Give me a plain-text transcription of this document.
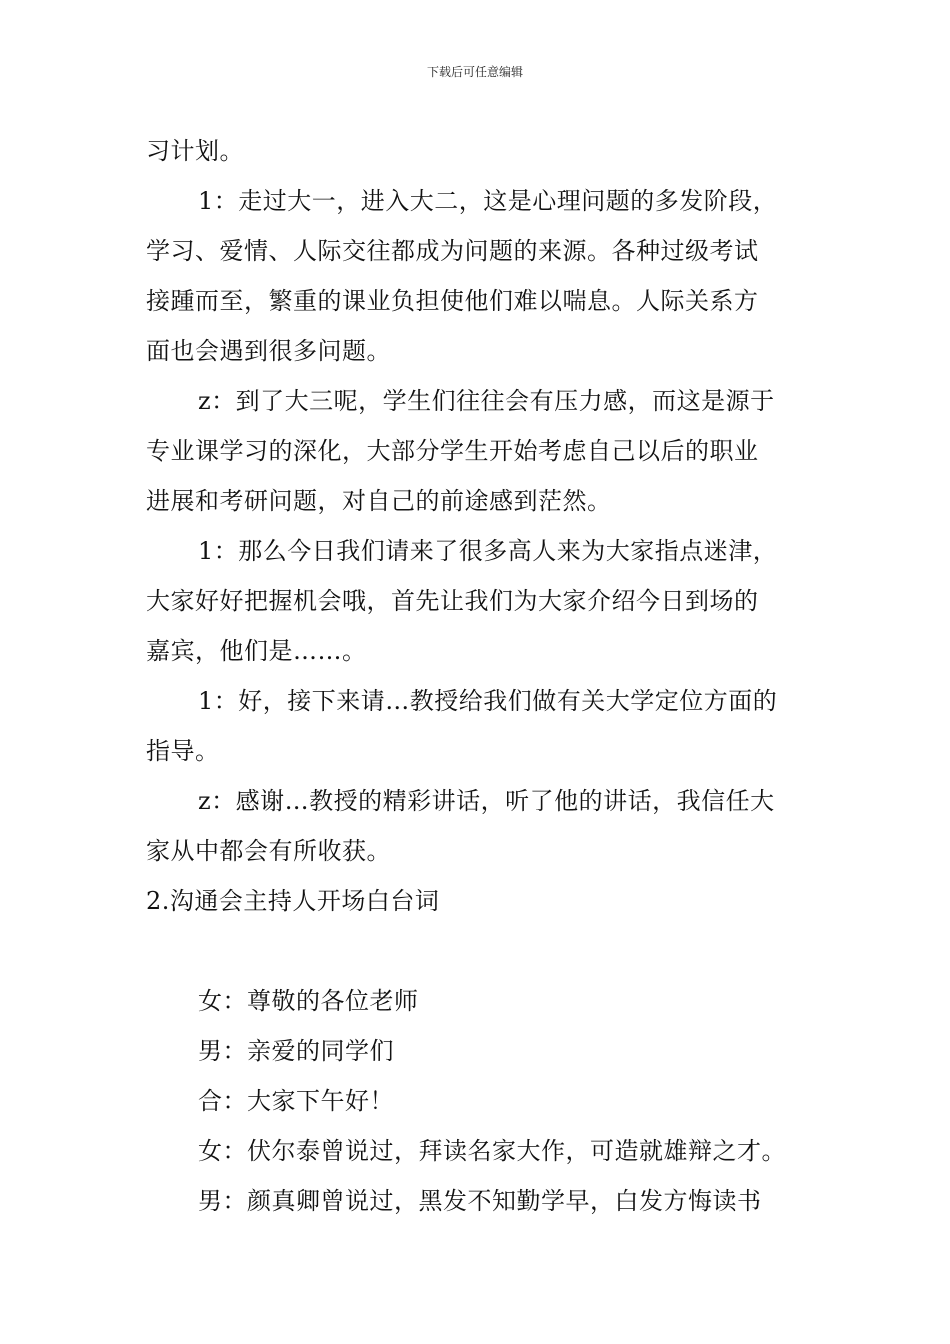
下载后可任意编辑
习计划。
1：走过大一，进入大二，这是心理问题的多发阶段，
学习、爱情、人际交往都成为问题的来源。各种过级考试
接踵而至，繁重的课业负担使他们难以喘息。人际关系方
面也会遇到很多问题。
z：到了大三呢，学生们往往会有压力感，而这是源于
专业课学习的深化，大部分学生开始考虑自己以后的职业
进展和考研问题，对自己的前途感到茫然。
1：那么今日我们请来了很多高人来为大家指点迷津，
大家好好把握机会哦，首先让我们为大家介绍今日到场的
嘉宾，他们是……。
1：好，接下来请…教授给我们做有关大学定位方面的
指导。
z：感谢…教授的精彩讲话，听了他的讲话，我信任大
家从中都会有所收获。
2.沟通会主持人开场白台词
女：尊敬的各位老师
男：亲爱的同学们
合：大家下午好！
女：伏尔泰曾说过，拜读名家大作，可造就雄辩之才。
男：颜真卿曾说过，黑发不知勤学早，白发方悔读书
